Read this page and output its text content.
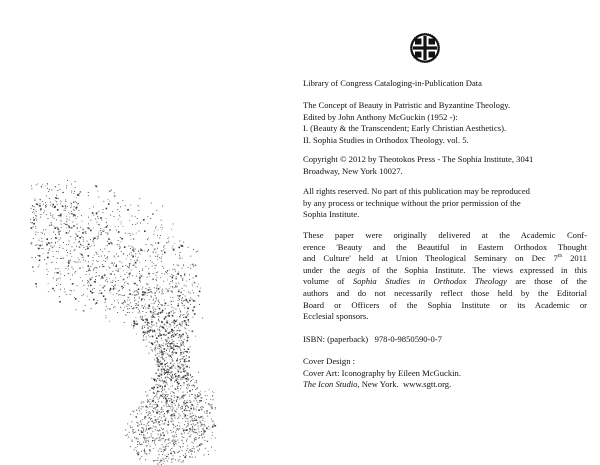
Library of Congress Cataloging-in-Publication Data

The Concept of Beauty in Patristic and Byzantine Theology.

Edited by John Anthony McGuckin (1952 -):

I. (Beauty & the Transcendent; Early Christian Aesthetics).

II. Sophia Studies in Orthodox Theology. vol. 5.

Copyright © 2012 by Theotokos Press - The Sophia Institute, 3041

Broadway, New York 10027.

All rights reserved. No part of this publication may be reproduced

by any process or technique without the prior permission of the

Sophia Institute.

These paper were originally delivered at the Academic Conf-

erence 'Beauty and the Beautiful in Eastern Orthodox Thought

and Culture' held at Union Theological Seminary on Dec 7th 2011

under the aegis of the Sophia Institute. The views expressed in this

volume of Sophia Studies in Orthodox Theology are those of the

authors and do not necessarily reflect those held by the Editorial

Board or Officers of the Sophia Institute or its Academic or

Ecclesial sponsors.

ISBN: (paperback)   978-0-9850590-0-7

Cover Design :

Cover Art: Iconography by Eileen McGuckin.

The Icon Studio, New York.  www.sgtt.org.
